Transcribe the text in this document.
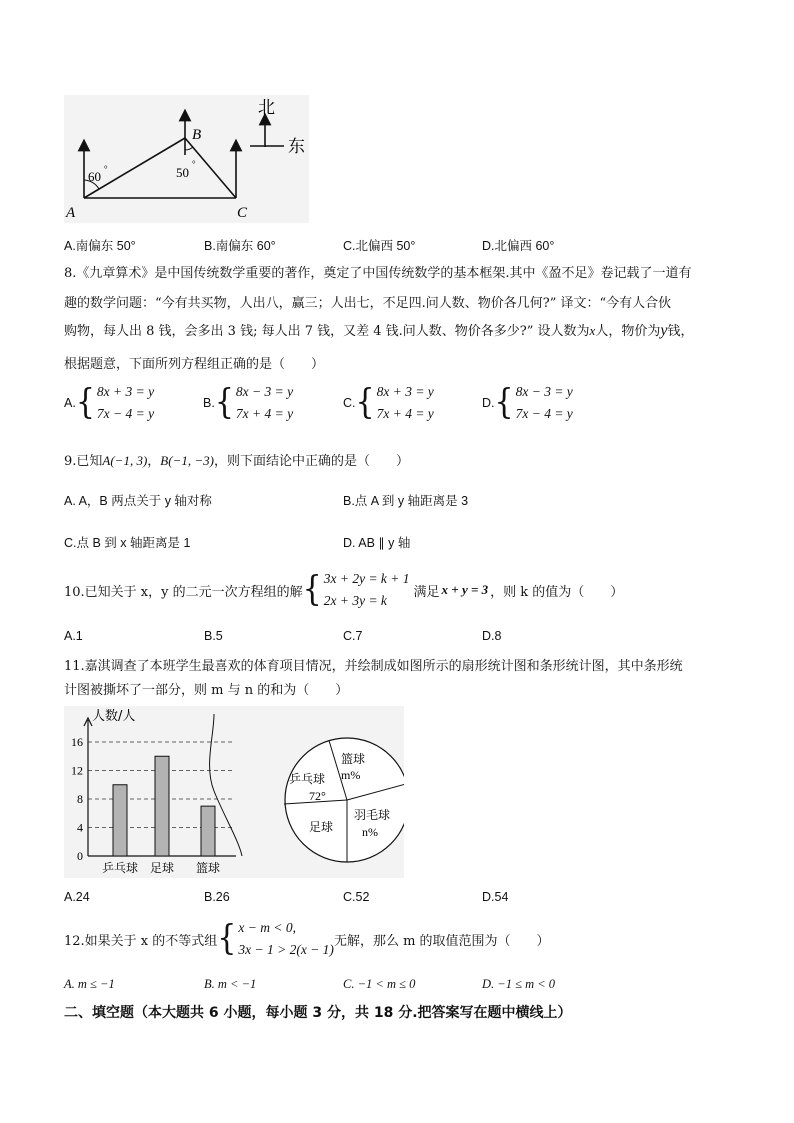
北
东
A
B
C
60 °	50
°
A.南偏东 50°	B.南偏东 60°	C.北偏西 50°	D.北偏西 60°
8.《九章算术》是中国传统数学重要的著作，奠定了中国传统数学的基本框架.其中《盈不足》卷记载了一道有
趣的数学问题：“今有共买物，人出八，赢三；人出七，不足四.问人数、物价各几何?” 译文：“今有人合伙
购物，每人出 8 钱，会多出 3 钱; 每人出 7 钱，又差 4 钱.问人数、物价各多少?” 设人数为x人，物价为y钱，
根据题意，下面所列方程组正确的是（　　）
A. { 8x + 3 = y
7x − 4 = y
B. { 8x − 3 = y
7x + 4 = y
C. { 8x + 3 = y
7x + 4 = y
D. { 8x − 3 = y
7x − 4 = y
9.已知A(−1, 3)，B(−1, −3)，则下面结论中正确的是（　　）
A. A，B 两点关于 y 轴对称	B.点 A 到 y 轴距离是 3
C.点 B 到 x 轴距离是 1	D. AB ∥ y 轴
10.已知关于 x，y 的二元一次方程组的解 { 3x + 2y = k + 1
2x + 3y = k
满足 x + y = 3 ，则 k 的值为（　　）
A.1	B.5	C.7	D.8
11.嘉淇调查了本班学生最喜欢的体育项目情况，并绘制成如图所示的扇形统计图和条形统计图，其中条形统
计图被撕坏了一部分，则 m 与 n 的和为（　　）
0
4
8
12
16
乒乓球 足球 篮球
人数/人
乒乓球
72°
篮球
m%
羽毛球
n%
足球
A.24	B.26	C.52	D.54
12.如果关于 x 的不等式组 { x − m < 0,
3x − 1 > 2(x − 1)
无解，那么 m 的取值范围为（　　）
A. m ≤ −1	B. m < −1	C. −1 < m ≤ 0	D. −1 ≤ m < 0
二、填空题（本大题共 6 小题，每小题 3 分，共 18 分.把答案写在题中横线上）
